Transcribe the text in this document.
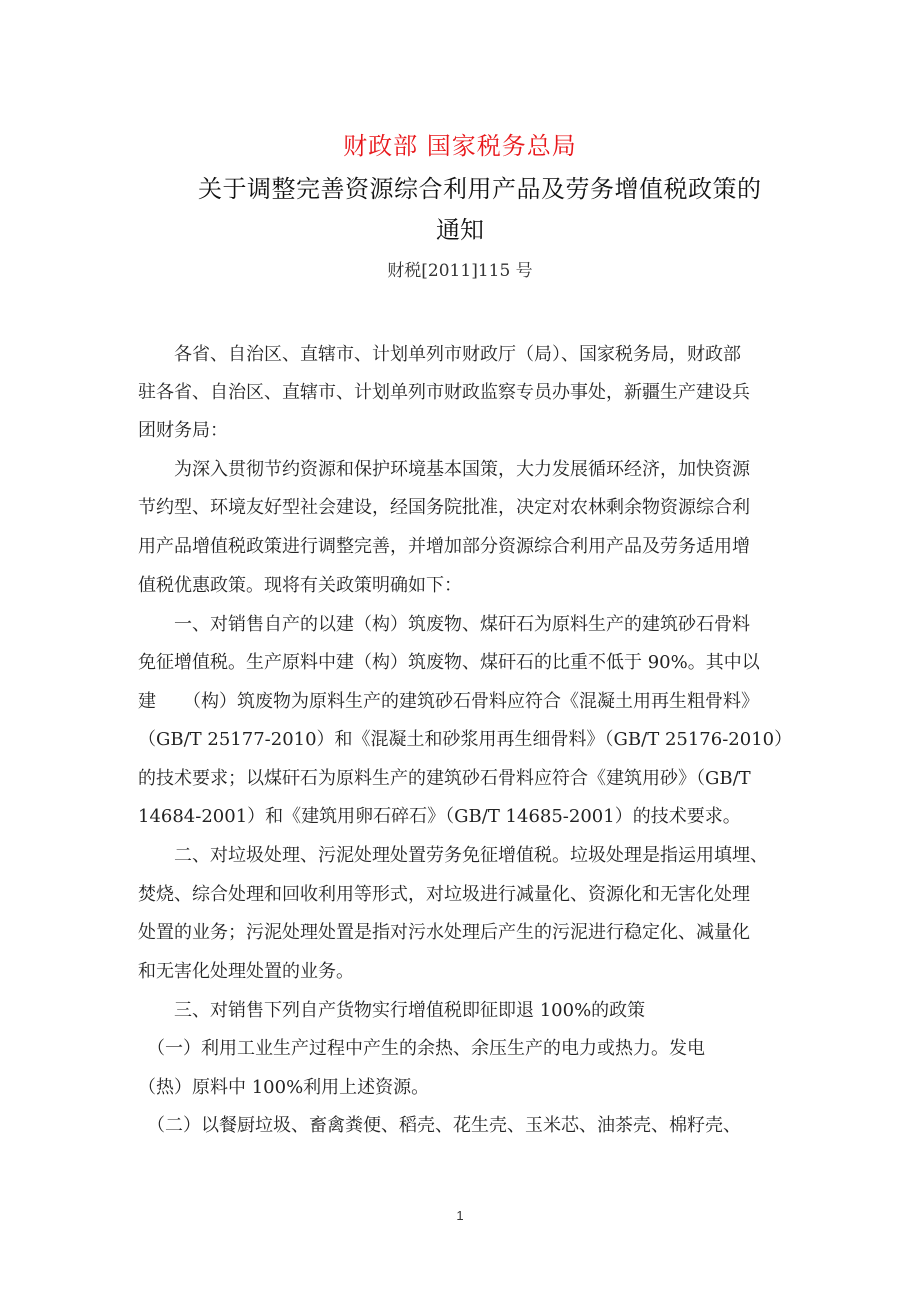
财政部 国家税务总局
关于调整完善资源综合利用产品及劳务增值税政策的
通知
财税[2011]115 号
　　各省、自治区、直辖市、计划单列市财政厅（局）、国家税务局，财政部
驻各省、自治区、直辖市、计划单列市财政监察专员办事处，新疆生产建设兵
团财务局：
　　为深入贯彻节约资源和保护环境基本国策，大力发展循环经济，加快资源
节约型、环境友好型社会建设，经国务院批准，决定对农林剩余物资源综合利
用产品增值税政策进行调整完善，并增加部分资源综合利用产品及劳务适用增
值税优惠政策。现将有关政策明确如下：
　　一、对销售自产的以建（构）筑废物、煤矸石为原料生产的建筑砂石骨料
免征增值税。生产原料中建（构）筑废物、煤矸石的比重不低于 90%。其中以
建　　（构）筑废物为原料生产的建筑砂石骨料应符合《混凝土用再生粗骨料》
（GB/T 25177-2010）和《混凝土和砂浆用再生细骨料》（GB/T 25176-2010）
的技术要求；以煤矸石为原料生产的建筑砂石骨料应符合《建筑用砂》（GB/T
14684-2001）和《建筑用卵石碎石》（GB/T 14685-2001）的技术要求。
　　二、对垃圾处理、污泥处理处置劳务免征增值税。垃圾处理是指运用填埋、
焚烧、综合处理和回收利用等形式，对垃圾进行减量化、资源化和无害化处理
处置的业务；污泥处理处置是指对污水处理后产生的污泥进行稳定化、减量化
和无害化处理处置的业务。
　　三、对销售下列自产货物实行增值税即征即退 100%的政策
　（一）利用工业生产过程中产生的余热、余压生产的电力或热力。发电
（热）原料中 100%利用上述资源。
　（二）以餐厨垃圾、畜禽粪便、稻壳、花生壳、玉米芯、油茶壳、棉籽壳、
1
